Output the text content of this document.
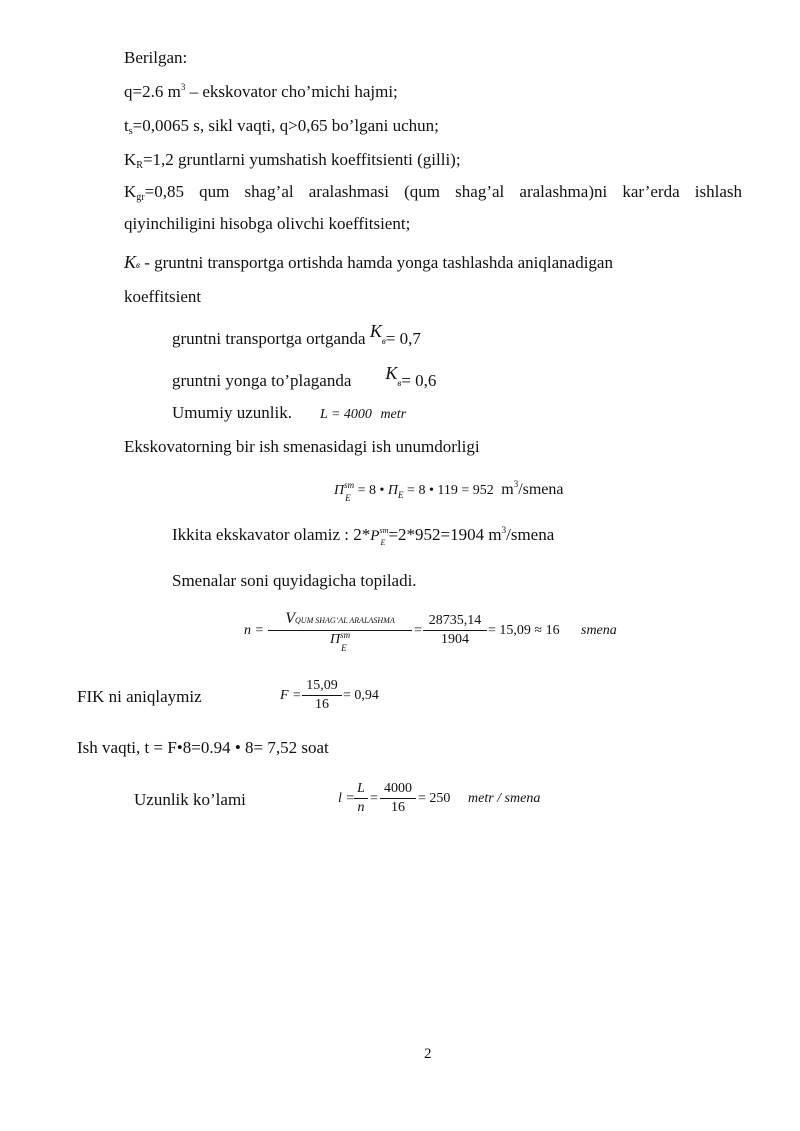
Berilgan:
q=2.6 $m^3$ – ekskovator cho’michi hajmi;
$t_s=0,0065$ s, sikl vaqti, q>0,65 bo’lgani uchun;
$K_R=1,2$ gruntlarni yumshatish koeffitsienti (gilli);
$K_{gr}=0,85$ qum shag’al aralashmasi (qum shag’al aralashma)ni kar’erda ishlash
qiyinchiligini hisobga olivchi koeffitsient;
Kв - gruntni transportga ortishda hamda yonga tashlashda aniqlanadigan
koeffitsient
gruntni transportga ortganda Kв= 0,7
gruntni yonga to’plaganda Kв= 0,6
Umumiy uzunlik. L = 4000 metr
Ekskovatorning bir ish smenasidagi ish unumdorligi
П sm
E = 8 • $П_E = 8$ • 119 = 952 $m^3$/smena
Ikkita ekskavator olamiz : 2*P sm
E =2*952=1904 $m^3$/smena
Smenalar soni quyidagicha topiladi.
n =
VQUM SHAG’AL ARALASHMA
П sm
E
=
28735,14
1904
= 15,09 ≈ 16 smena
FIK ni aniqlaymiz	F =
15,09
16
= 0,94
Ish vaqti, t = F•8=0.94 • 8= 7,52 soat
Uzunlik ko’lami	l =
L
n
=
4000
16
= 250 metr / smena
2
